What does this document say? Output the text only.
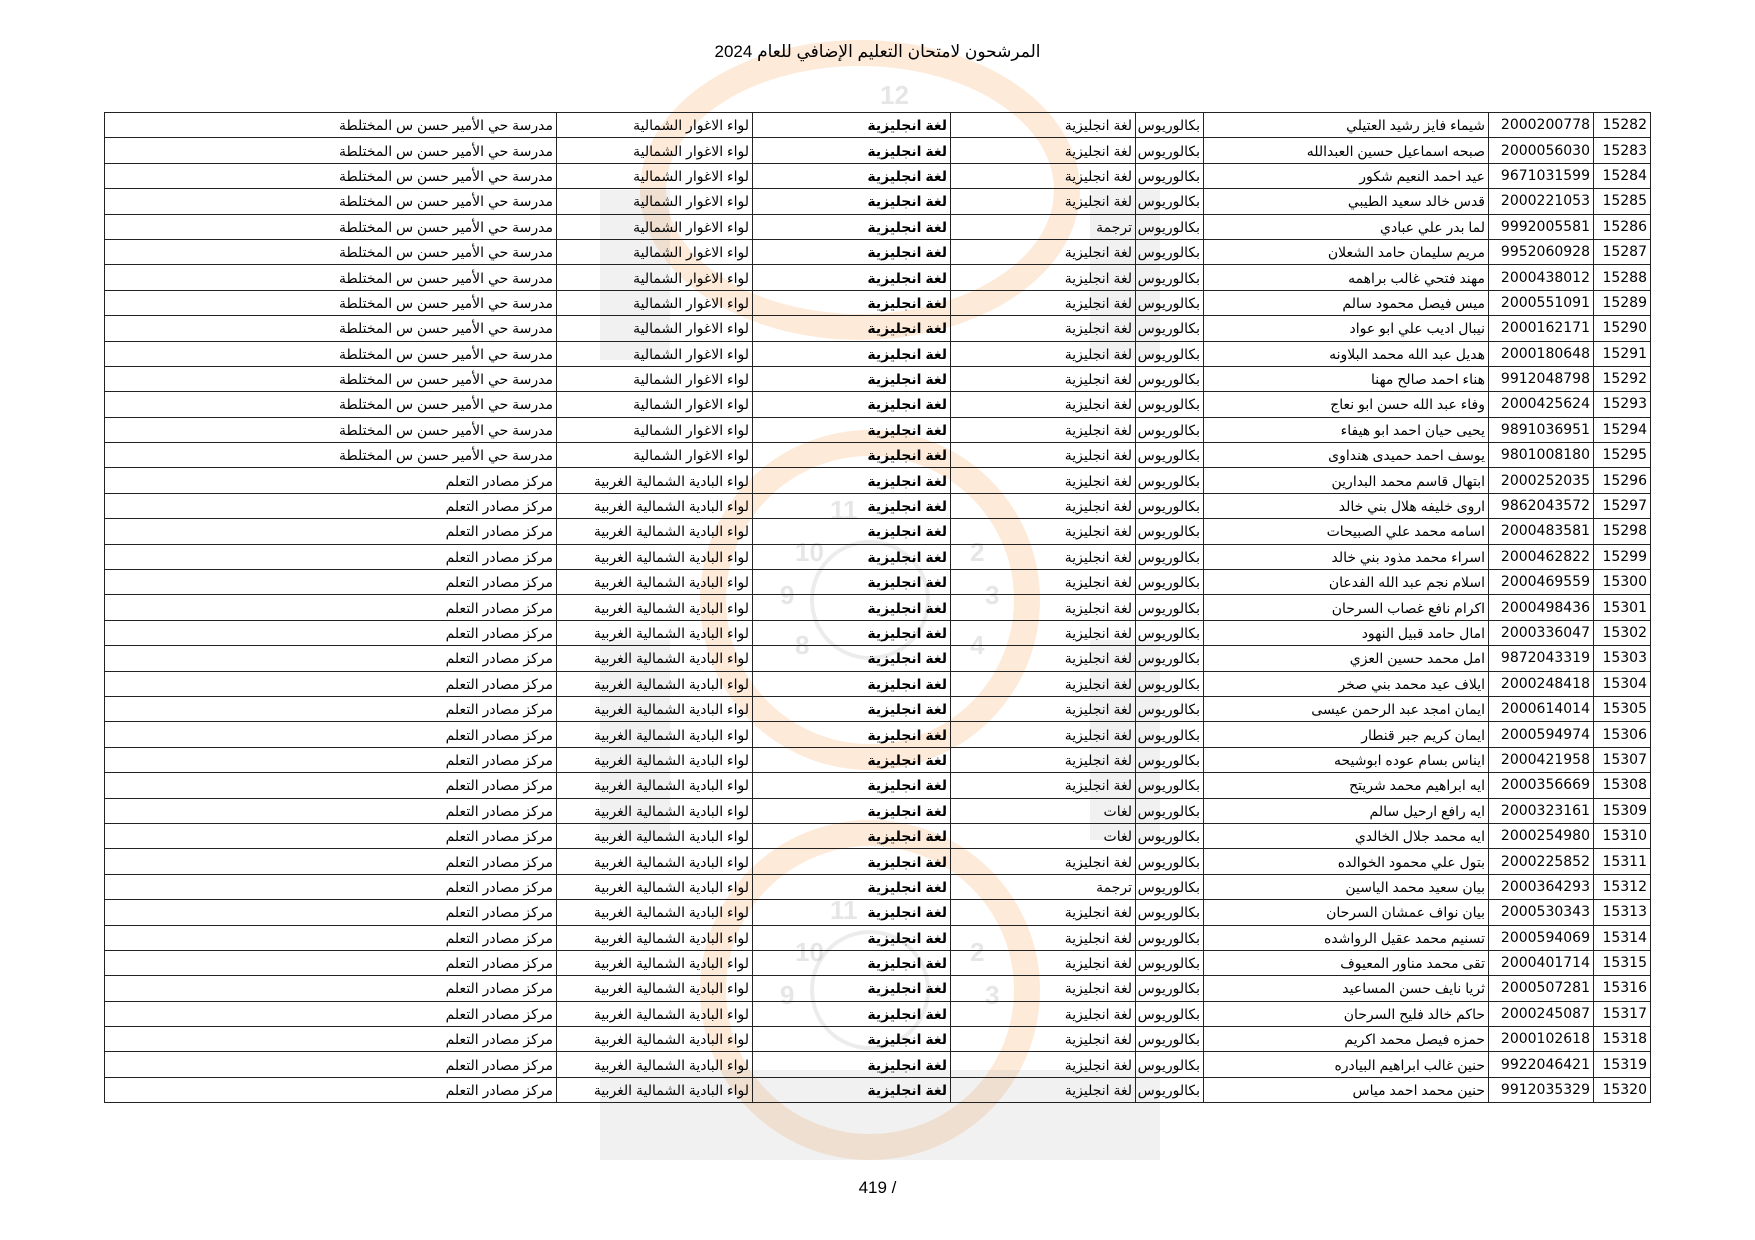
12
11
10
9
2
3
8	4
11
10
9
2
3
المرشحون لامتحان التعليم الإضافي للعام 2024
15282	2000200778	شيماء فايز رشيد العتيلي	بكالوريوس	لغة انجليزية	لغة انجليزية	لواء الاغوار الشمالية	مدرسة حي الأمير حسن س المختلطة
15283	2000056030	صبحه اسماعيل حسين العبدالله	بكالوريوس	لغة انجليزية	لغة انجليزية	لواء الاغوار الشمالية	مدرسة حي الأمير حسن س المختلطة
15284	9671031599	عيد احمد النعيم شكور	بكالوريوس	لغة انجليزية	لغة انجليزية	لواء الاغوار الشمالية	مدرسة حي الأمير حسن س المختلطة
15285	2000221053	قدس خالد سعيد الطيبي	بكالوريوس	لغة انجليزية	لغة انجليزية	لواء الاغوار الشمالية	مدرسة حي الأمير حسن س المختلطة
15286	9992005581	لما بدر علي عبادي	بكالوريوس	ترجمة	لغة انجليزية	لواء الاغوار الشمالية	مدرسة حي الأمير حسن س المختلطة
15287	9952060928	مريم سليمان حامد الشعلان	بكالوريوس	لغة انجليزية	لغة انجليزية	لواء الاغوار الشمالية	مدرسة حي الأمير حسن س المختلطة
15288	2000438012	مهند فتحي غالب براهمه	بكالوريوس	لغة انجليزية	لغة انجليزية	لواء الاغوار الشمالية	مدرسة حي الأمير حسن س المختلطة
15289	2000551091	ميس فيصل محمود سالم	بكالوريوس	لغة انجليزية	لغة انجليزية	لواء الاغوار الشمالية	مدرسة حي الأمير حسن س المختلطة
15290	2000162171	نيبال اديب علي ابو عواد	بكالوريوس	لغة انجليزية	لغة انجليزية	لواء الاغوار الشمالية	مدرسة حي الأمير حسن س المختلطة
15291	2000180648	هديل عبد الله محمد البلاونه	بكالوريوس	لغة انجليزية	لغة انجليزية	لواء الاغوار الشمالية	مدرسة حي الأمير حسن س المختلطة
15292	9912048798	هناء احمد صالح مهنا	بكالوريوس	لغة انجليزية	لغة انجليزية	لواء الاغوار الشمالية	مدرسة حي الأمير حسن س المختلطة
15293	2000425624	وفاء عبد الله حسن ابو نعاج	بكالوريوس	لغة انجليزية	لغة انجليزية	لواء الاغوار الشمالية	مدرسة حي الأمير حسن س المختلطة
15294	9891036951	يحيى حيان احمد ابو هيفاء	بكالوريوس	لغة انجليزية	لغة انجليزية	لواء الاغوار الشمالية	مدرسة حي الأمير حسن س المختلطة
15295	9801008180	يوسف احمد حميدى هنداوى	بكالوريوس	لغة انجليزية	لغة انجليزية	لواء الاغوار الشمالية	مدرسة حي الأمير حسن س المختلطة
15296	2000252035	ابتهال قاسم محمد البدارين	بكالوريوس	لغة انجليزية	لغة انجليزية	لواء البادية الشمالية الغربية	مركز مصادر التعلم
15297	9862043572	اروى خليفه هلال بني خالد	بكالوريوس	لغة انجليزية	لغة انجليزية	لواء البادية الشمالية الغربية	مركز مصادر التعلم
15298	2000483581	اسامه محمد علي الصبيحات	بكالوريوس	لغة انجليزية	لغة انجليزية	لواء البادية الشمالية الغربية	مركز مصادر التعلم
15299	2000462822	اسراء محمد مذود بني خالد	بكالوريوس	لغة انجليزية	لغة انجليزية	لواء البادية الشمالية الغربية	مركز مصادر التعلم
15300	2000469559	اسلام نجم عبد الله الفدعان	بكالوريوس	لغة انجليزية	لغة انجليزية	لواء البادية الشمالية الغربية	مركز مصادر التعلم
15301	2000498436	اكرام نافع غصاب السرحان	بكالوريوس	لغة انجليزية	لغة انجليزية	لواء البادية الشمالية الغربية	مركز مصادر التعلم
15302	2000336047	امال حامد قبيل النهود	بكالوريوس	لغة انجليزية	لغة انجليزية	لواء البادية الشمالية الغربية	مركز مصادر التعلم
15303	9872043319	امل محمد حسين العزي	بكالوريوس	لغة انجليزية	لغة انجليزية	لواء البادية الشمالية الغربية	مركز مصادر التعلم
15304	2000248418	ايلاف عيد محمد بني صخر	بكالوريوس	لغة انجليزية	لغة انجليزية	لواء البادية الشمالية الغربية	مركز مصادر التعلم
15305	2000614014	ايمان امجد عبد الرحمن عيسى	بكالوريوس	لغة انجليزية	لغة انجليزية	لواء البادية الشمالية الغربية	مركز مصادر التعلم
15306	2000594974	ايمان كريم جبر قنطار	بكالوريوس	لغة انجليزية	لغة انجليزية	لواء البادية الشمالية الغربية	مركز مصادر التعلم
15307	2000421958	ايناس بسام عوده ابوشيحه	بكالوريوس	لغة انجليزية	لغة انجليزية	لواء البادية الشمالية الغربية	مركز مصادر التعلم
15308	2000356669	ايه ابراهيم محمد شريتح	بكالوريوس	لغة انجليزية	لغة انجليزية	لواء البادية الشمالية الغربية	مركز مصادر التعلم
15309	2000323161	ايه رافع ارحيل سالم	بكالوريوس	لغات	لغة انجليزية	لواء البادية الشمالية الغربية	مركز مصادر التعلم
15310	2000254980	ايه محمد جلال الخالدي	بكالوريوس	لغات	لغة انجليزية	لواء البادية الشمالية الغربية	مركز مصادر التعلم
15311	2000225852	بتول علي محمود الخوالده	بكالوريوس	لغة انجليزية	لغة انجليزية	لواء البادية الشمالية الغربية	مركز مصادر التعلم
15312	2000364293	بيان سعيد محمد الياسين	بكالوريوس	ترجمة	لغة انجليزية	لواء البادية الشمالية الغربية	مركز مصادر التعلم
15313	2000530343	بيان نواف عمشان السرحان	بكالوريوس	لغة انجليزية	لغة انجليزية	لواء البادية الشمالية الغربية	مركز مصادر التعلم
15314	2000594069	تسنيم محمد عقيل الرواشده	بكالوريوس	لغة انجليزية	لغة انجليزية	لواء البادية الشمالية الغربية	مركز مصادر التعلم
15315	2000401714	تقى محمد مناور المعيوف	بكالوريوس	لغة انجليزية	لغة انجليزية	لواء البادية الشمالية الغربية	مركز مصادر التعلم
15316	2000507281	ثريا نايف حسن المساعيد	بكالوريوس	لغة انجليزية	لغة انجليزية	لواء البادية الشمالية الغربية	مركز مصادر التعلم
15317	2000245087	حاكم خالد فليح السرحان	بكالوريوس	لغة انجليزية	لغة انجليزية	لواء البادية الشمالية الغربية	مركز مصادر التعلم
15318	2000102618	حمزه فيصل محمد اكريم	بكالوريوس	لغة انجليزية	لغة انجليزية	لواء البادية الشمالية الغربية	مركز مصادر التعلم
15319	9922046421	حنين غالب ابراهيم البيادره	بكالوريوس	لغة انجليزية	لغة انجليزية	لواء البادية الشمالية الغربية	مركز مصادر التعلم
15320	9912035329	حنين محمد احمد مياس	بكالوريوس	لغة انجليزية	لغة انجليزية	لواء البادية الشمالية الغربية	مركز مصادر التعلم
419 /
